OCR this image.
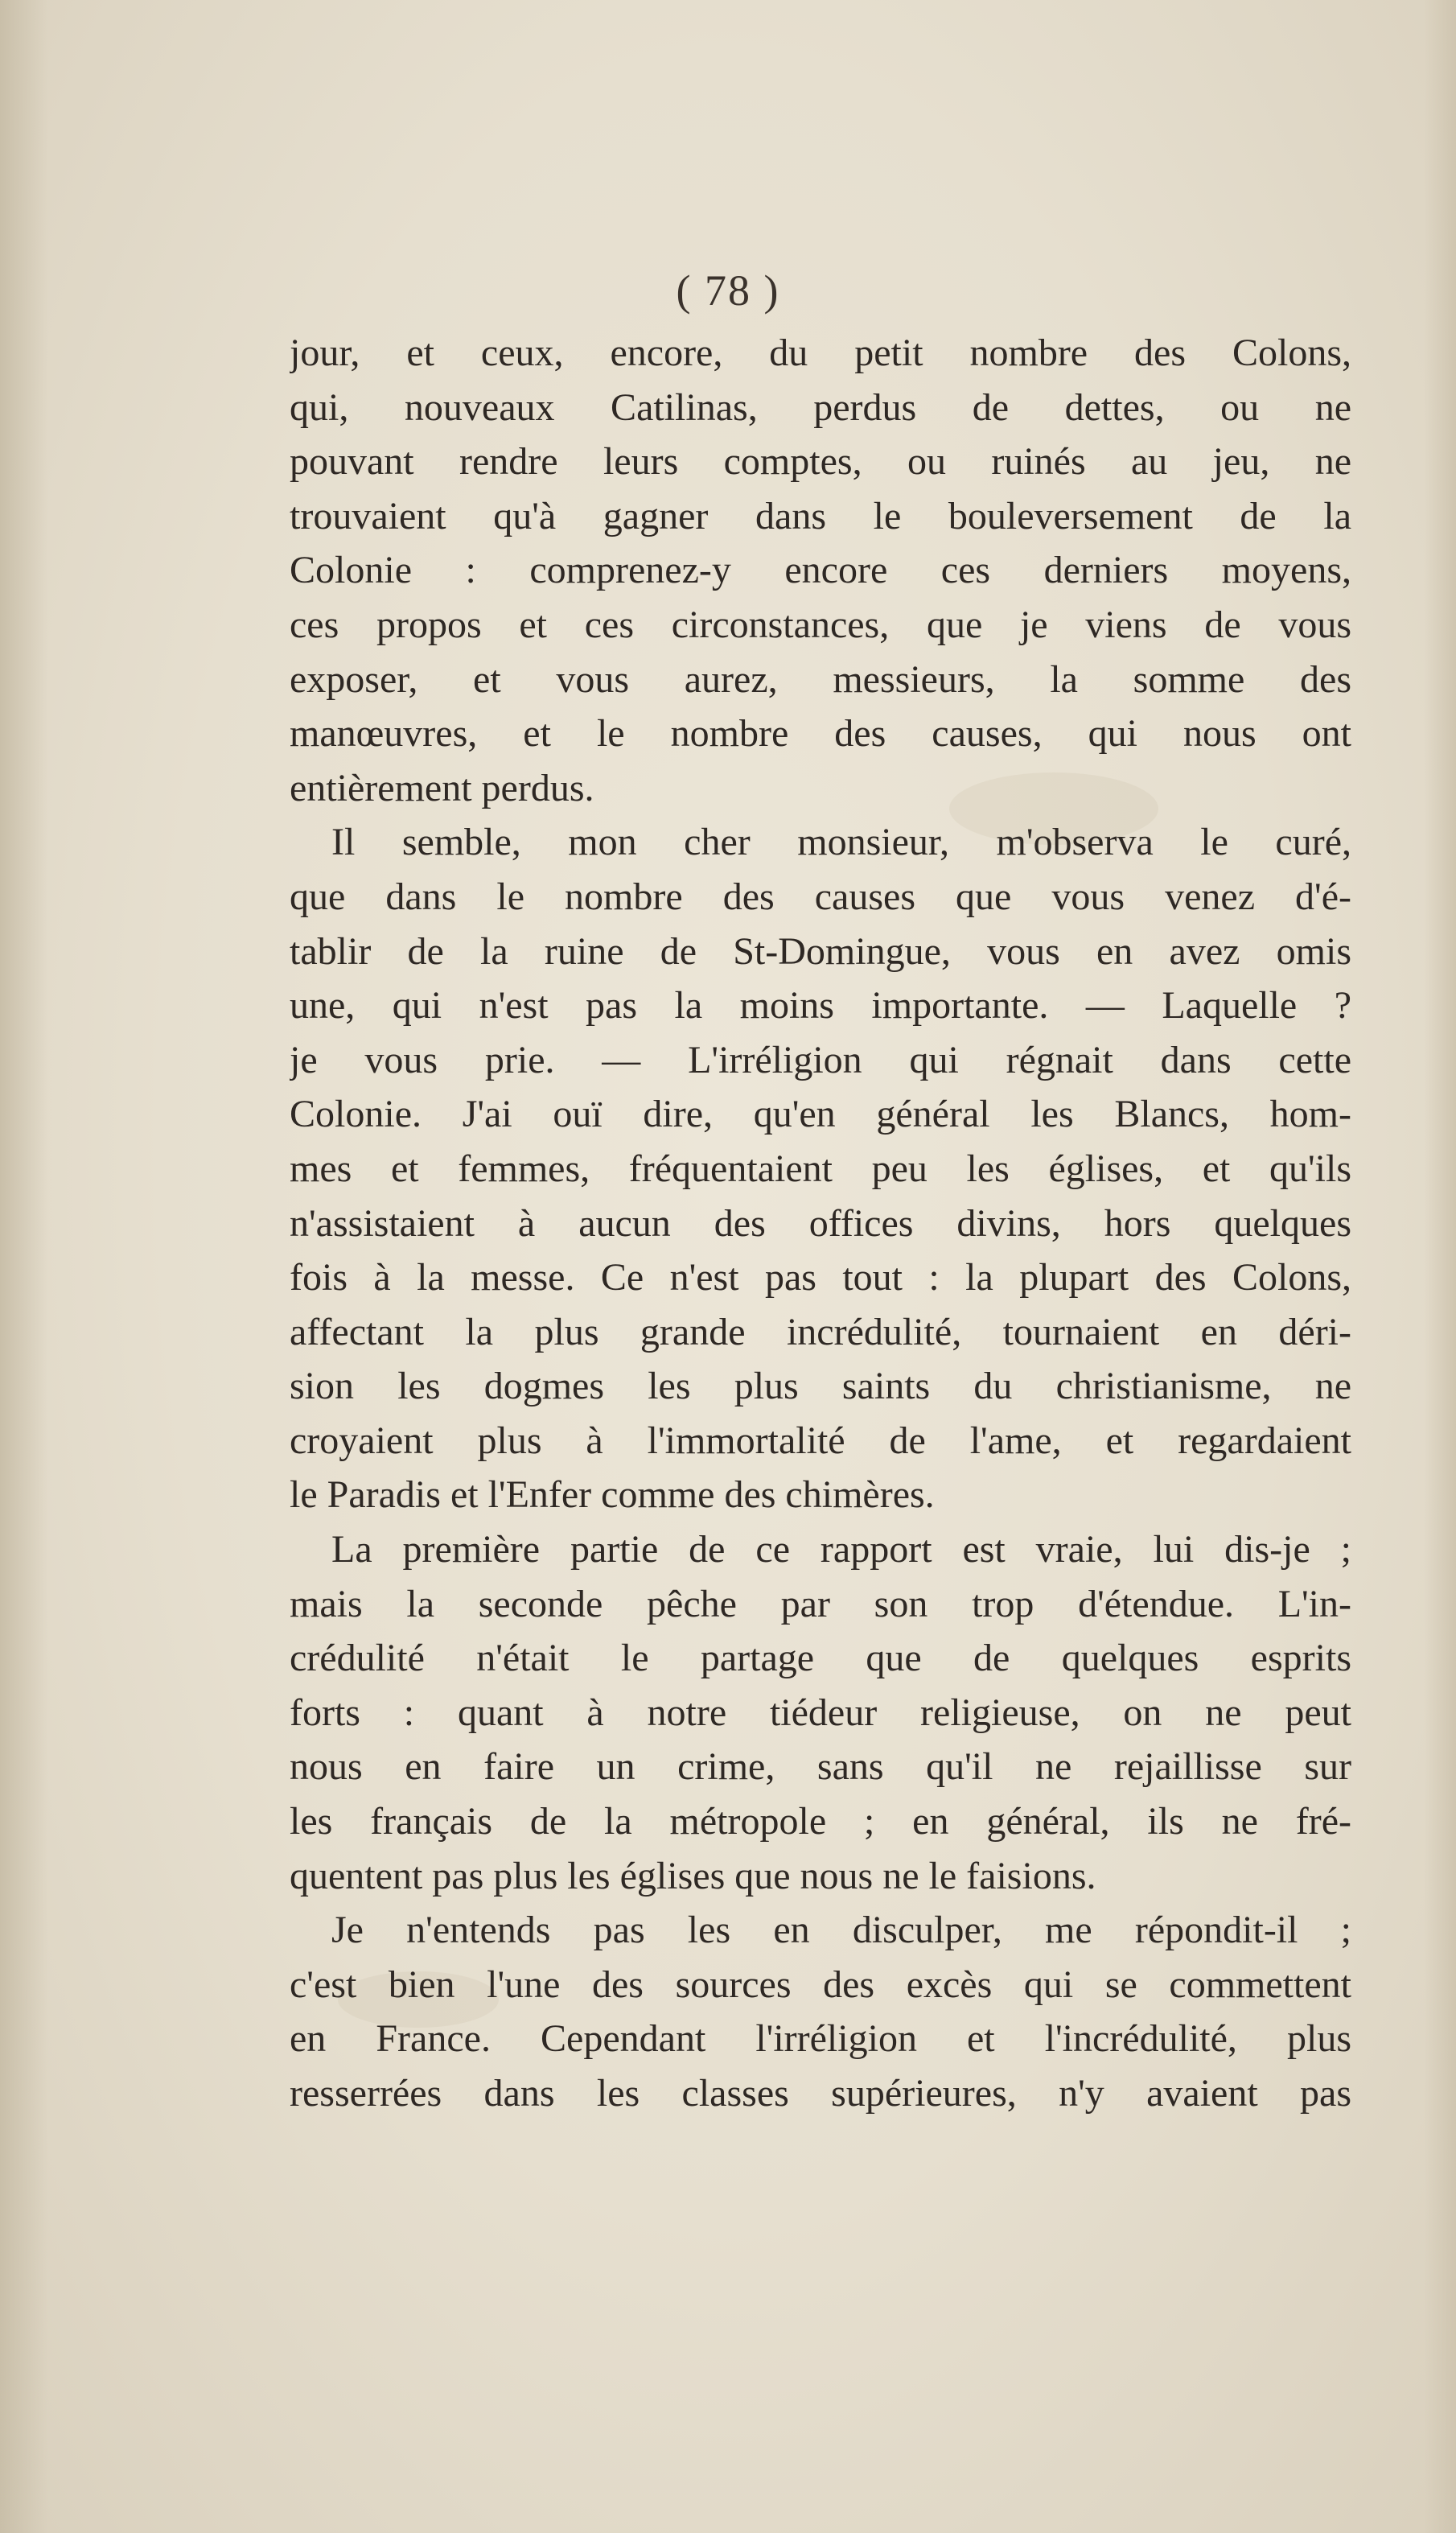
( 78 )
jour, et ceux, encore, du petit nombre des Colons,
qui, nouveaux Catilinas, perdus de dettes, ou ne
pouvant rendre leurs comptes, ou ruinés au jeu, ne
trouvaient qu'à gagner dans le bouleversement de la
Colonie : comprenez-y encore ces derniers moyens,
ces propos et ces circonstances, que je viens de vous
exposer, et vous aurez, messieurs, la somme des
manœuvres, et le nombre des causes, qui nous ont
entièrement perdus.
Il semble, mon cher monsieur, m'observa le curé,
que dans le nombre des causes que vous venez d'é-
tablir de la ruine de St-Domingue, vous en avez omis
une, qui n'est pas la moins importante. — Laquelle ?
je vous prie. — L'irréligion qui régnait dans cette
Colonie. J'ai ouï dire, qu'en général les Blancs, hom-
mes et femmes, fréquentaient peu les églises, et qu'ils
n'assistaient à aucun des offices divins, hors quelques
fois à la messe. Ce n'est pas tout : la plupart des Colons,
affectant la plus grande incrédulité, tournaient en déri-
sion les dogmes les plus saints du christianisme, ne
croyaient plus à l'immortalité de l'ame, et regardaient
le Paradis et l'Enfer comme des chimères.
La première partie de ce rapport est vraie, lui dis-je ;
mais la seconde pêche par son trop d'étendue. L'in-
crédulité n'était le partage que de quelques esprits
forts : quant à notre tiédeur religieuse, on ne peut
nous en faire un crime, sans qu'il ne rejaillisse sur
les français de la métropole ; en général, ils ne fré-
quentent pas plus les églises que nous ne le faisions.
Je n'entends pas les en disculper, me répondit-il ;
c'est bien l'une des sources des excès qui se commettent
en France. Cependant l'irréligion et l'incrédulité, plus
resserrées dans les classes supérieures, n'y avaient pas
